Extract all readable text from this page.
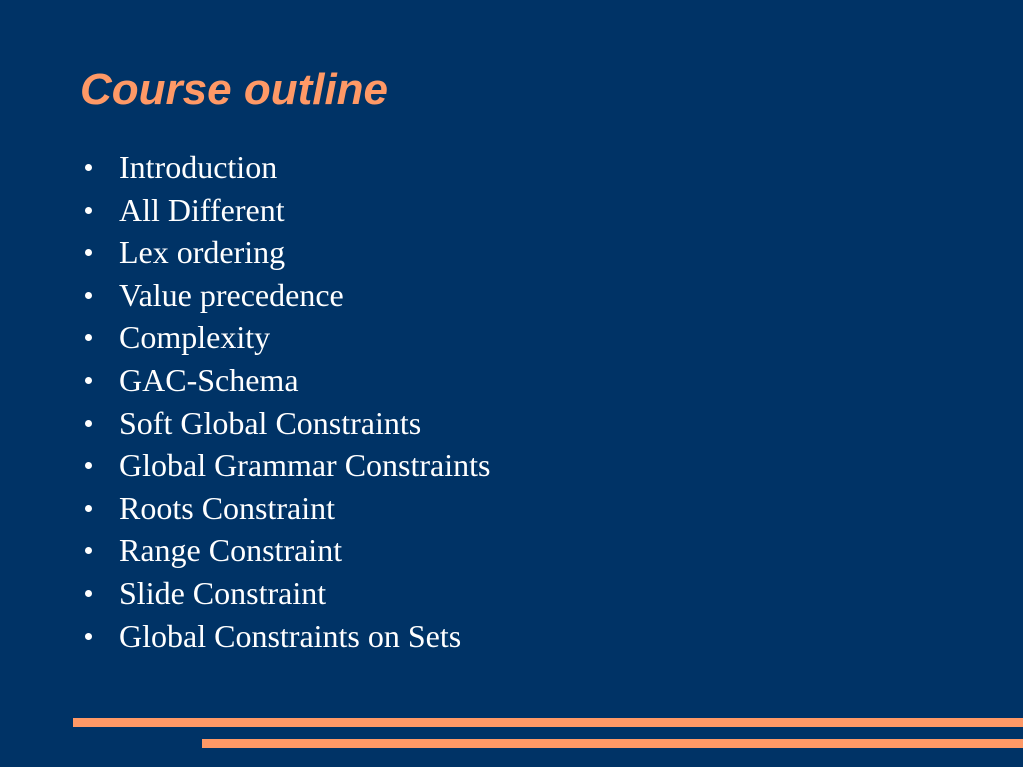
Course outline
Introduction
All Different
Lex ordering
Value precedence
Complexity
GAC-Schema
Soft Global Constraints
Global Grammar Constraints
Roots Constraint
Range Constraint
Slide Constraint
Global Constraints on Sets
